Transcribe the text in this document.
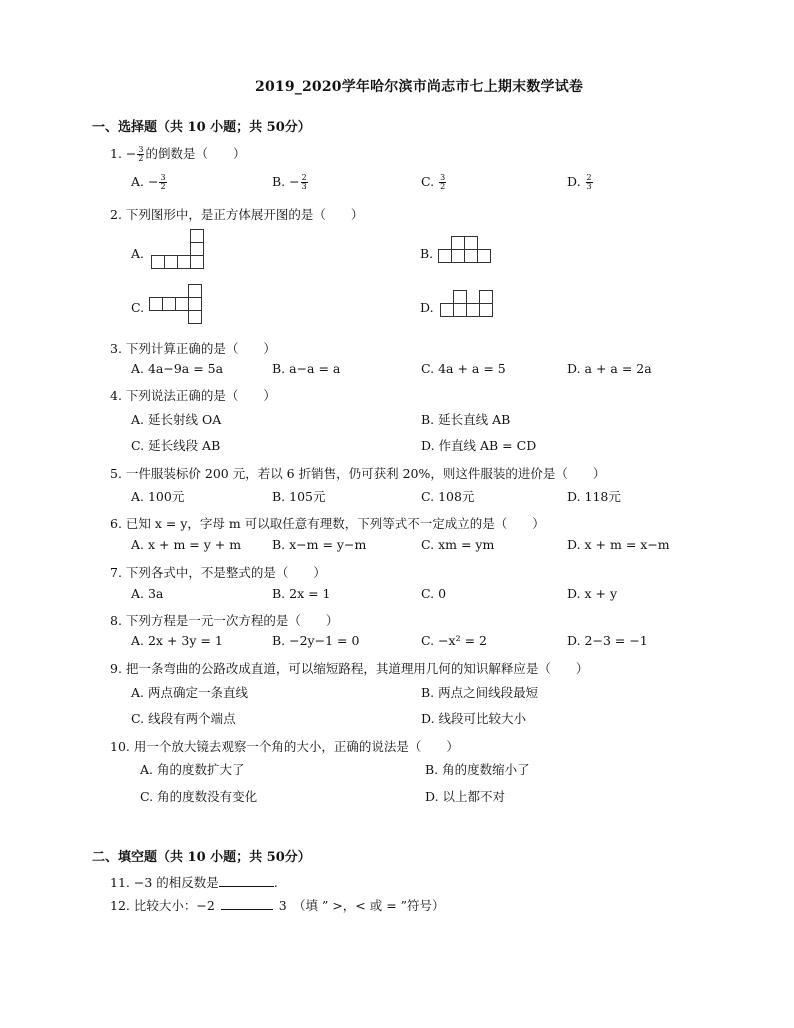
2019_2020学年哈尔滨市尚志市七上期末数学试卷
一、选择题（共 10 小题；共 50分）
1. − $\frac{3}{2}$ 的倒数是（　　）
A. − $\frac{3}{2}$	B. − $\frac{2}{3}$	C. $\frac{3}{2}$	D. $\frac{2}{3}$
2. 下列图形中，是正方体展开图的是（　　）
A.	B.
C.	D.
3. 下列计算正确的是（　　）
A. 4a−9a = 5a	B. a−a = a	C. 4a + a = 5	D. a + a = 2a
4. 下列说法正确的是（　　）
A. 延长射线 OA	B. 延长直线 AB
C. 延长线段 AB	D. 作直线 AB = CD
5. 一件服装标价 200 元，若以 6 折销售，仍可获利 20%，则这件服装的进价是（　　）
A. 100元	B. 105元	C. 108元	D. 118元
6. 已知 x = y，字母 m 可以取任意有理数，下列等式不一定成立的是（　　）
A. x + m = y + m B. x−m = y−m	C. xm = ym	D. x + m = x−m
7. 下列各式中，不是整式的是（　　）
A. 3a	B. 2x = 1	C. 0	D. x + y
8. 下列方程是一元一次方程的是（　　）
A. 2x + 3y = 1	B. −2y−1 = 0	C. −x² = 2	D. 2−3 = −1
9. 把一条弯曲的公路改成直道，可以缩短路程，其道理用几何的知识解释应是（　　）
A. 两点确定一条直线	B. 两点之间线段最短
C. 线段有两个端点	D. 线段可比较大小
10. 用一个放大镜去观察一个角的大小，正确的说法是（　　）
A. 角的度数扩大了	B. 角的度数缩小了
C. 角的度数没有变化	D. 以上都不对
二、填空题（共 10 小题；共 50分）
11. −3 的相反数是	.
12. 比较大小：−2	3　（填 ” >，< 或 = ”符号）
